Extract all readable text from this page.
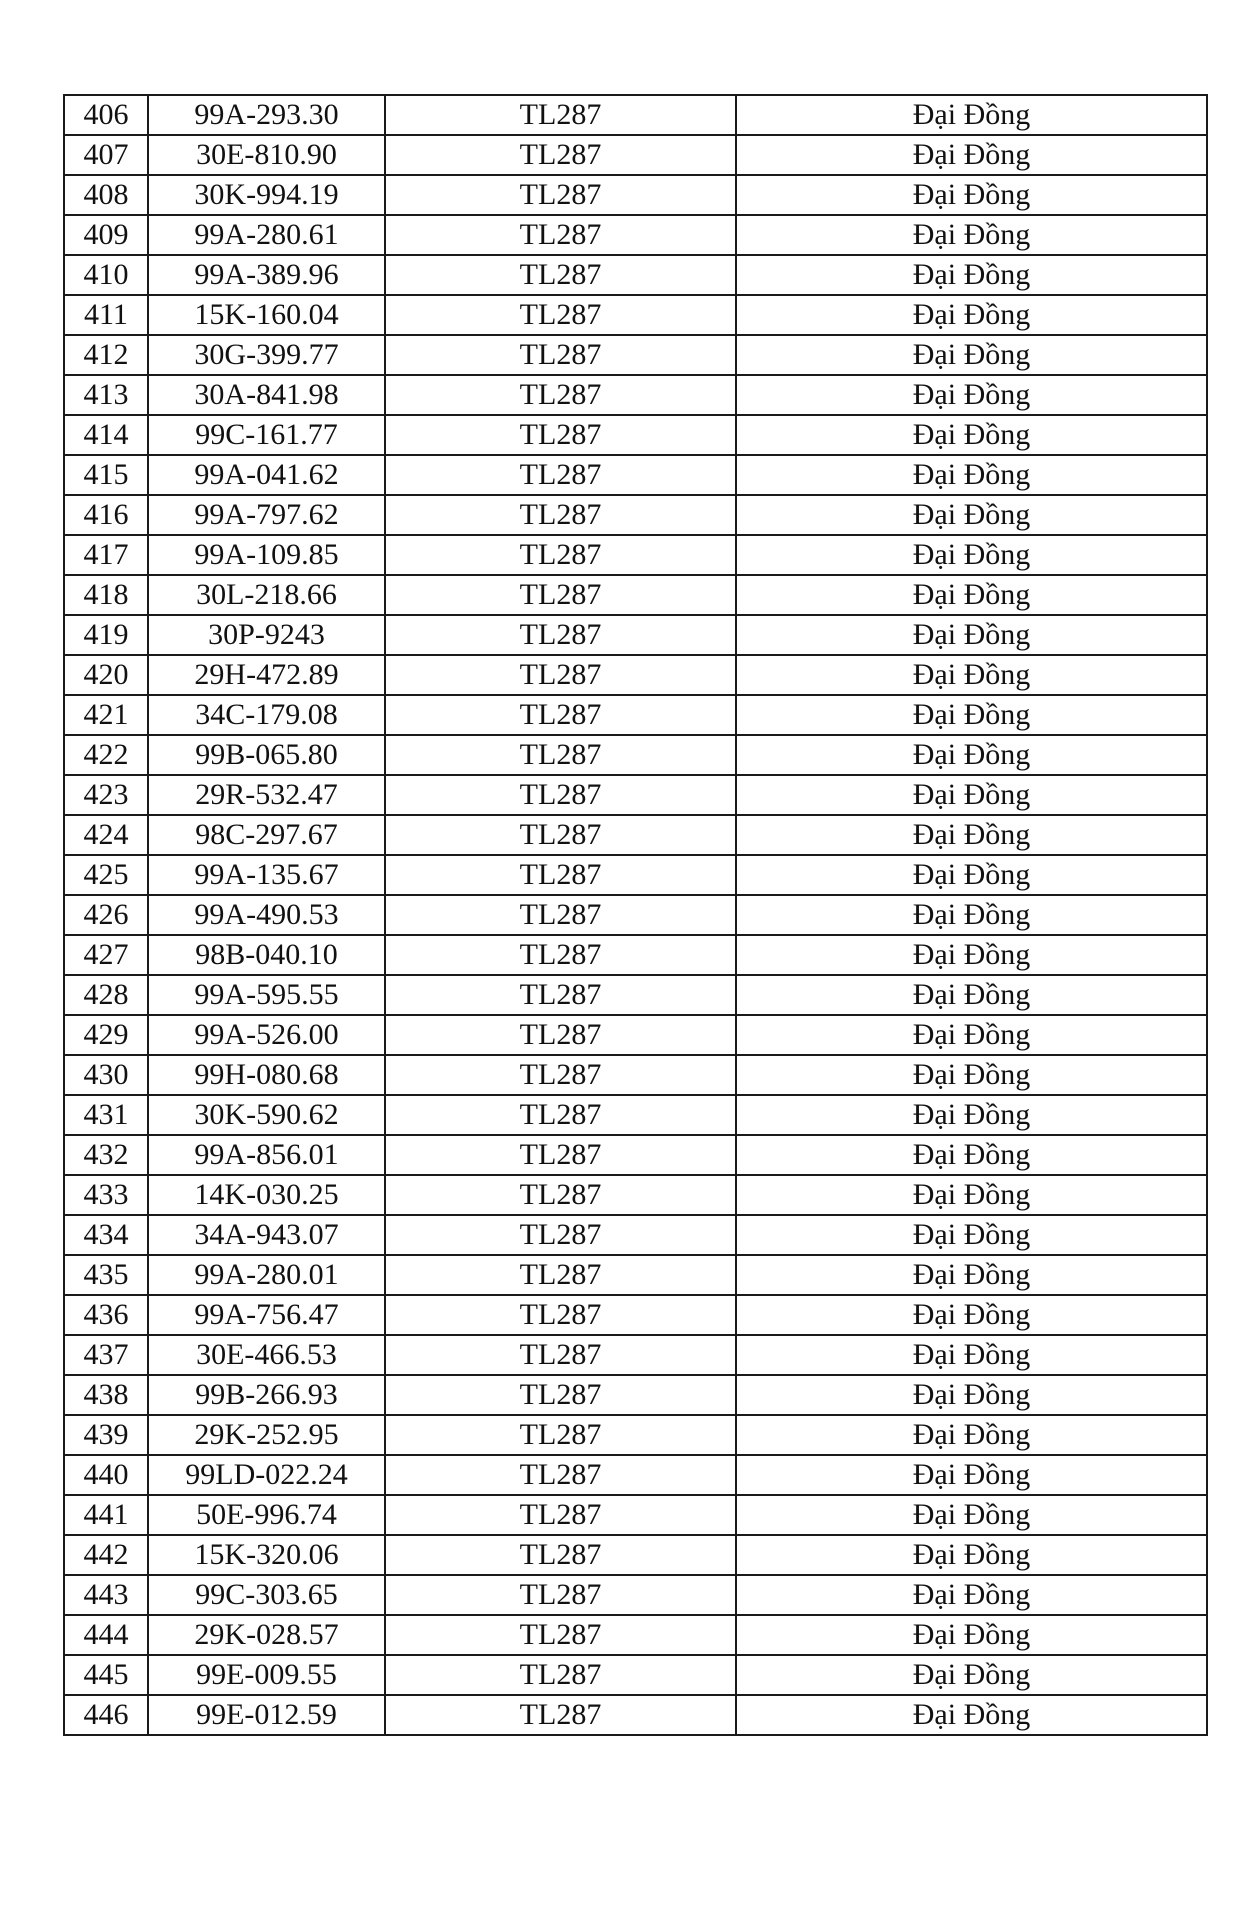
406	99A-293.30	TL287	Đại Đồng
407	30E-810.90	TL287	Đại Đồng
408	30K-994.19	TL287	Đại Đồng
409	99A-280.61	TL287	Đại Đồng
410	99A-389.96	TL287	Đại Đồng
411	15K-160.04	TL287	Đại Đồng
412	30G-399.77	TL287	Đại Đồng
413	30A-841.98	TL287	Đại Đồng
414	99C-161.77	TL287	Đại Đồng
415	99A-041.62	TL287	Đại Đồng
416	99A-797.62	TL287	Đại Đồng
417	99A-109.85	TL287	Đại Đồng
418	30L-218.66	TL287	Đại Đồng
419	30P-9243	TL287	Đại Đồng
420	29H-472.89	TL287	Đại Đồng
421	34C-179.08	TL287	Đại Đồng
422	99B-065.80	TL287	Đại Đồng
423	29R-532.47	TL287	Đại Đồng
424	98C-297.67	TL287	Đại Đồng
425	99A-135.67	TL287	Đại Đồng
426	99A-490.53	TL287	Đại Đồng
427	98B-040.10	TL287	Đại Đồng
428	99A-595.55	TL287	Đại Đồng
429	99A-526.00	TL287	Đại Đồng
430	99H-080.68	TL287	Đại Đồng
431	30K-590.62	TL287	Đại Đồng
432	99A-856.01	TL287	Đại Đồng
433	14K-030.25	TL287	Đại Đồng
434	34A-943.07	TL287	Đại Đồng
435	99A-280.01	TL287	Đại Đồng
436	99A-756.47	TL287	Đại Đồng
437	30E-466.53	TL287	Đại Đồng
438	99B-266.93	TL287	Đại Đồng
439	29K-252.95	TL287	Đại Đồng
440	99LD-022.24	TL287	Đại Đồng
441	50E-996.74	TL287	Đại Đồng
442	15K-320.06	TL287	Đại Đồng
443	99C-303.65	TL287	Đại Đồng
444	29K-028.57	TL287	Đại Đồng
445	99E-009.55	TL287	Đại Đồng
446	99E-012.59	TL287	Đại Đồng
